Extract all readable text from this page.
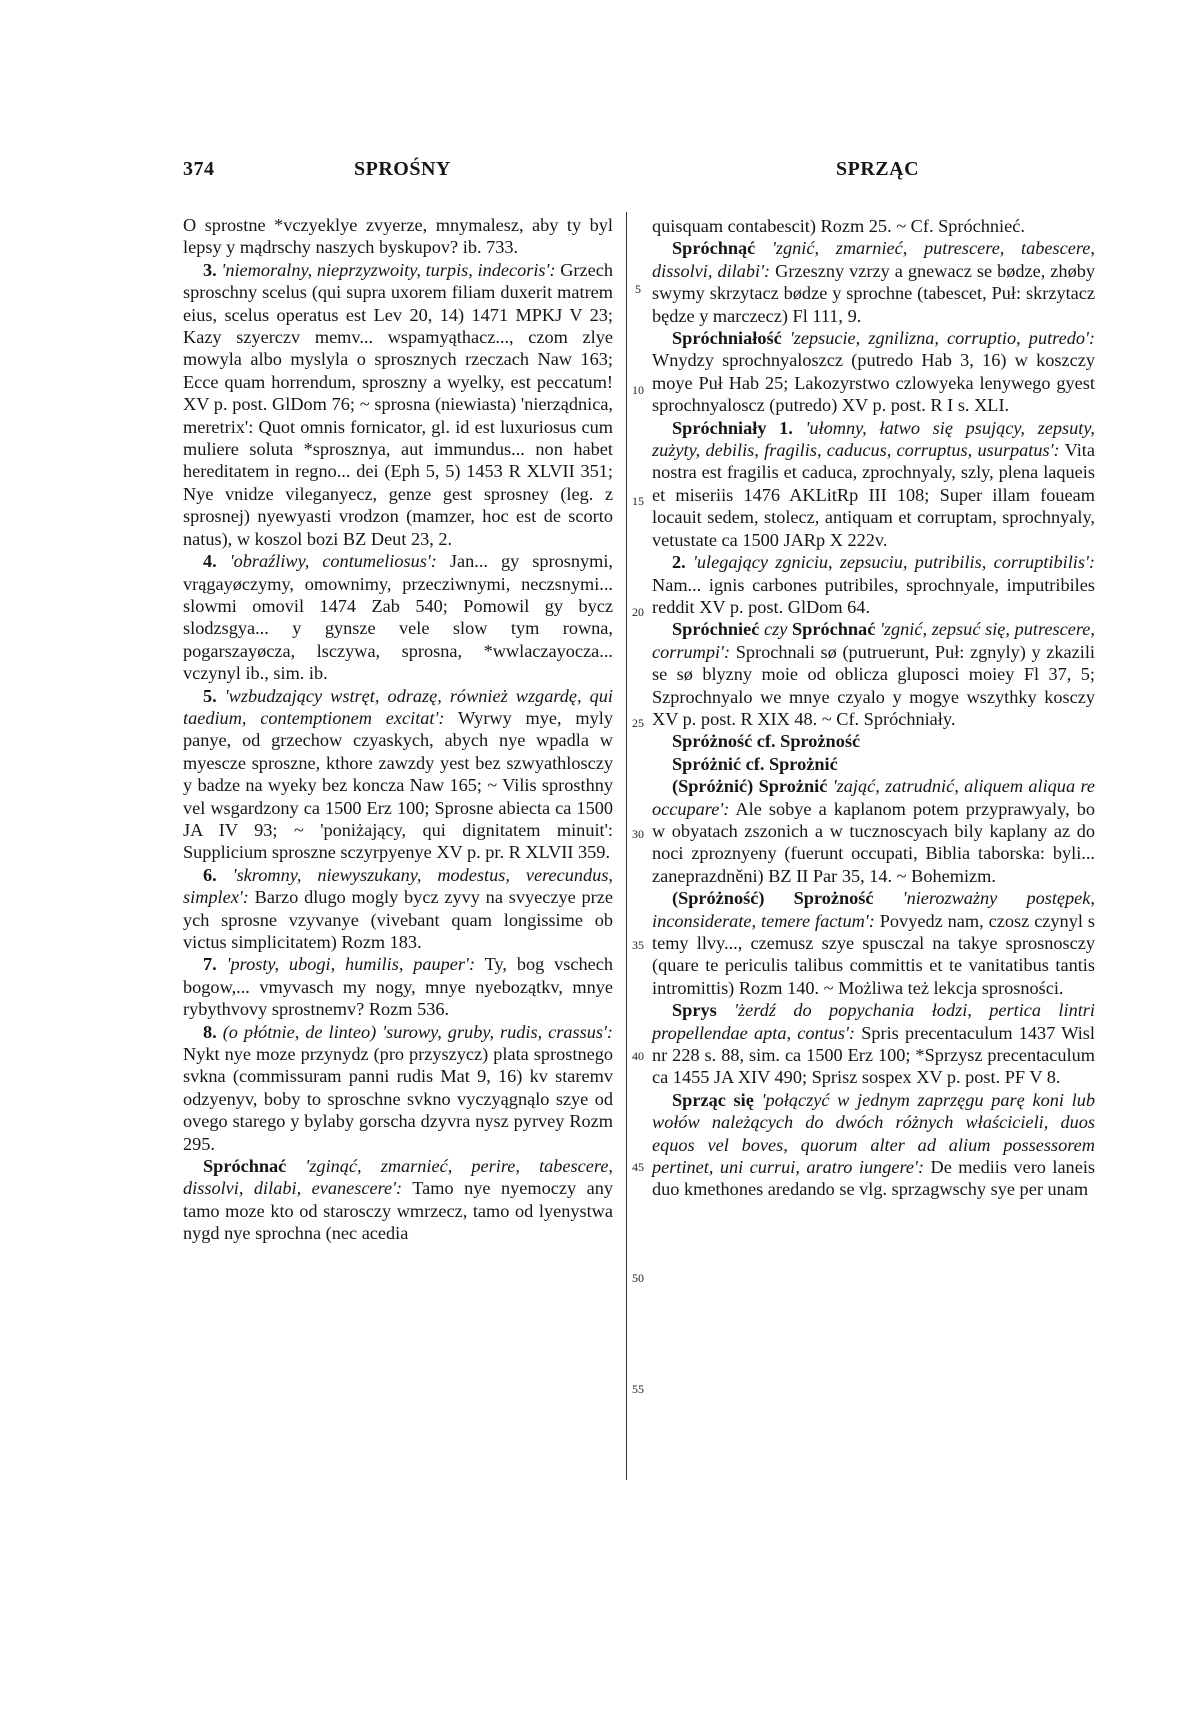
374	SPROŚNY	SPRZĄC
5
10
15
20
25
30
35
40
45
50
55

O sprostne *vczyeklye zvyerze, mnymalesz, aby ty byl lepsy y mądrschy naszych byskupov? ib. 733.

3. 'niemoralny, nieprzyzwoity, turpis, indecoris': Grzech sproschny scelus (qui supra uxorem filiam duxerit matrem eius, scelus operatus est Lev 20, 14) 1471 MPKJ V 23; Kazy szyerczv memv... wspamyąthacz..., czom zlye mowyla albo myslyla o sprosznych rzeczach Naw 163; Ecce quam horrendum, sproszny a wyelky, est peccatum! XV p. post. GlDom 76; ~ sprosna (niewiasta) 'nierządnica, meretrix': Quot omnis fornicator, gl. id est luxuriosus cum muliere soluta *sprosznya, aut immundus... non habet hereditatem in regno... dei (Eph 5, 5) 1453 R XLVII 351; Nye vnidze vileganyecz, genze gest sprosney (leg. z sprosnej) nyewyasti vrodzon (mamzer, hoc est de scorto natus), w koszol bozi BZ Deut 23, 2.

4. 'obraźliwy, contumeliosus': Jan... gy sprosnymi, vrągayøczymy, omownimy, przecziwnymi, neczsnymi... slowmi omovil 1474 Zab 540; Pomowil gy bycz slodzsgya... y gynsze vele slow tym rowna, pogarszayøcza, lsczywa, sprosna, *wwlaczayocza... vczynyl ib., sim. ib.

5. 'wzbudzający wstręt, odrazę, również wzgardę, qui taedium, contemptionem excitat': Wyrwy mye, myly panye, od grzechow czyaskych, abych nye wpadla w myescze sprosznе, kthore zawzdy yest bez szwyathlosczy y badze na wyeky bez koncza Naw 165; ~ Vilis sprosthny vel wsgardzony ca 1500 Erz 100; Sprosne abiecta ca 1500 JA IV 93; ~ 'poniżający, qui dignitatem minuit': Supplicium sprosznе sczyrpyenye XV p. pr. R XLVII 359.

6. 'skromny, niewyszukany, modestus, verecundus, simplex': Barzo dlugo mogly bycz zyvy na svyeczye prze ych sprosne vzyvanye (vivebant quam longissime ob victus simplicitatem) Rozm 183.

7. 'prosty, ubogi, humilis, pauper': Ty, bog vschech bogow,... vmyvasch my nogy, mnye nyebozątkv, mnye rybythvovy sprostnemv? Rozm 536.

8. (o płótnie, de linteo) 'surowy, gruby, rudis, crassus': Nykt nye moze przynydz (pro przyszycz) plata sprostnego svkna (commissuram panni rudis Mat 9, 16) kv staremv odzyenyv, boby to sproschne svkno vyczyągnąlo szye od ovego starego y bylaby gorscha dzyvra nysz pyrvey Rozm 295.

Spróchnać 'zginąć, zmarnieć, perire, tabescere, dissolvi, dilabi, evanescere': Tamo nye nyemoczy any tamo moze kto od starosczy wmrzecz, tamo od lyenystwa nygd nye sprochna (nec acedia

quisquam contabescit) Rozm 25. ~ Cf. Spróchnieć.

Spróchnąć 'zgnić, zmarnieć, putrescere, tabescere, dissolvi, dilabi': Grzeszny vzrzy a gnewacz se bødze, zhøby swymy skrzytacz bødze y sprochne (tabescet, Puł: skrzytacz będze y marczecz) Fl 111, 9.

Spróchniałość 'zepsucie, zgnilizna, corruptio, putredo': Wnydzy sprochnyaloszcz (putredo Hab 3, 16) w koszczy moye Puł Hab 25; Lakozyrstwo czlowyeka lenywego gyest sprochnyaloscz (putredo) XV p. post. R I s. XLI.

Spróchniały 1. 'ułomny, łatwo się psujący, zepsuty, zużyty, debilis, fragilis, caducus, corruptus, usurpatus': Vita nostra est fragilis et caduca, zprochnyaly, szly, plena laqueis et miseriis 1476 AKLitRp III 108; Super illam foueam locauit sedem, stolecz, antiquam et corruptam, sprochnyaly, vetustate ca 1500 JARp X 222v.

2. 'ulegający zgniciu, zepsuciu, putribilis, corruptibilis': Nam... ignis carbones putribiles, sprochnyale, imputribiles reddit XV p. post. GlDom 64.

Spróchnieć czy Spróchnać 'zgnić, zepsuć się, putrescere, corrumpi': Sprochnali sø (putruerunt, Puł: zgnyly) y zkazili se sø blyzny moie od oblicza gluposci moiey Fl 37, 5; Szprochnyalo we mnye czyalo y mogye wszythky kosczy XV p. post. R XIX 48. ~ Cf. Spróchniały.

Spróżność cf. Sprożność

Spróżnić cf. Sprożnić

(Spróżnić) Sprożnić 'zająć, zatrudnić, aliquem aliqua re occupare': Ale sobye a kaplanom potem przyprawyaly, bo w obyatach zszonich a w tucznoscyach bily kaplany az do noci zproznyeny (fuerunt occupati, Biblia taborska: byli... zaneprazdněni) BZ II Par 35, 14. ~ Bohemizm.

(Spróżność) Sprożność 'nierozważny postępek, inconsiderate, temere factum': Povyedz nam, czosz czynyl s temy llvy..., czemusz szye spusczal na takye sprosnosczy (quare te periculis talibus committis et te vanitatibus tantis intromittis) Rozm 140. ~ Możliwa też lekcja sprosności.

Sprys 'żerdź do popychania łodzi, pertica lintri propellendae apta, contus': Spris precentaculum 1437 Wisl nr 228 s. 88, sim. ca 1500 Erz 100; *Sprzysz precentaculum ca 1455 JA XIV 490; Sprisz sospex XV p. post. PF V 8.

Sprząc się 'połączyć w jednym zaprzęgu parę koni lub wołów należących do dwóch różnych właścicieli, duos equos vel boves, quorum alter ad alium possessorem pertinet, uni currui, aratro iungere': De mediis vero laneis duo kmethones aredando se vlg. sprzagwschy sye per unam
